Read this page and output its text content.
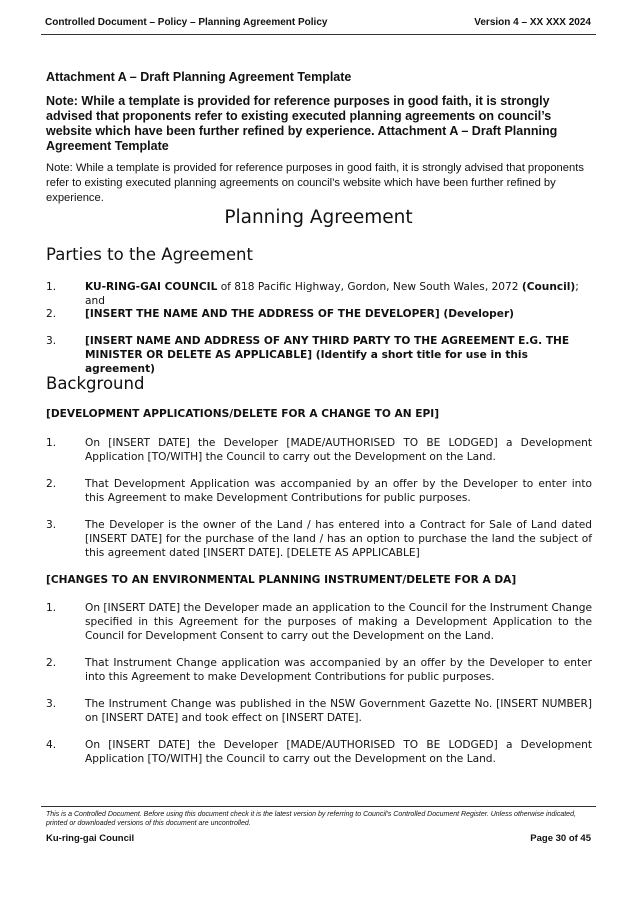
Controlled Document – Policy – Planning Agreement Policy	Version 4 – XX XXX 2024
Attachment A – Draft Planning Agreement Template
Note: While a template is provided for reference purposes in good faith, it is strongly advised that proponents refer to existing executed planning agreements on council’s website which have been further refined by experience. Attachment A – Draft Planning Agreement Template
Note: While a template is provided for reference purposes in good faith, it is strongly advised that proponents refer to existing executed planning agreements on council’s website which have been further refined by experience.
Planning Agreement
Parties to the Agreement
1.	KU-RING-GAI COUNCIL of 818 Pacific Highway, Gordon, New South Wales, 2072 (Council); and
2.	[INSERT THE NAME AND THE ADDRESS OF THE DEVELOPER] (Developer)
3.	[INSERT NAME AND ADDRESS OF ANY THIRD PARTY TO THE AGREEMENT E.G. THE MINISTER OR DELETE AS APPLICABLE] (Identify a short title for use in this agreement)
Background
[DEVELOPMENT APPLICATIONS/DELETE FOR A CHANGE TO AN EPI]
1.	On [INSERT DATE] the Developer [MADE/AUTHORISED TO BE LODGED] a Development Application [TO/WITH] the Council to carry out the Development on the Land.
2.	That Development Application was accompanied by an offer by the Developer to enter into this Agreement to make Development Contributions for public purposes.
3.	The Developer is the owner of the Land / has entered into a Contract for Sale of Land dated [INSERT DATE] for the purchase of the land / has an option to purchase the land the subject of this agreement dated [INSERT DATE]. [DELETE AS APPLICABLE]
[CHANGES TO AN ENVIRONMENTAL PLANNING INSTRUMENT/DELETE FOR A DA]
1.	On [INSERT DATE] the Developer made an application to the Council for the Instrument Change specified in this Agreement for the purposes of making a Development Application to the Council for Development Consent to carry out the Development on the Land.
2.	That Instrument Change application was accompanied by an offer by the Developer to enter into this Agreement to make Development Contributions for public purposes.
3.	The Instrument Change was published in the NSW Government Gazette No. [INSERT NUMBER] on [INSERT DATE] and took effect on [INSERT DATE].
4.	On [INSERT DATE] the Developer [MADE/AUTHORISED TO BE LODGED] a Development Application [TO/WITH] the Council to carry out the Development on the Land.
This is a Controlled Document. Before using this document check it is the latest version by referring to Council’s Controlled Document Register. Unless otherwise indicated, printed or downloaded versions of this document are uncontrolled.
Ku-ring-gai Council	Page 30 of 45
